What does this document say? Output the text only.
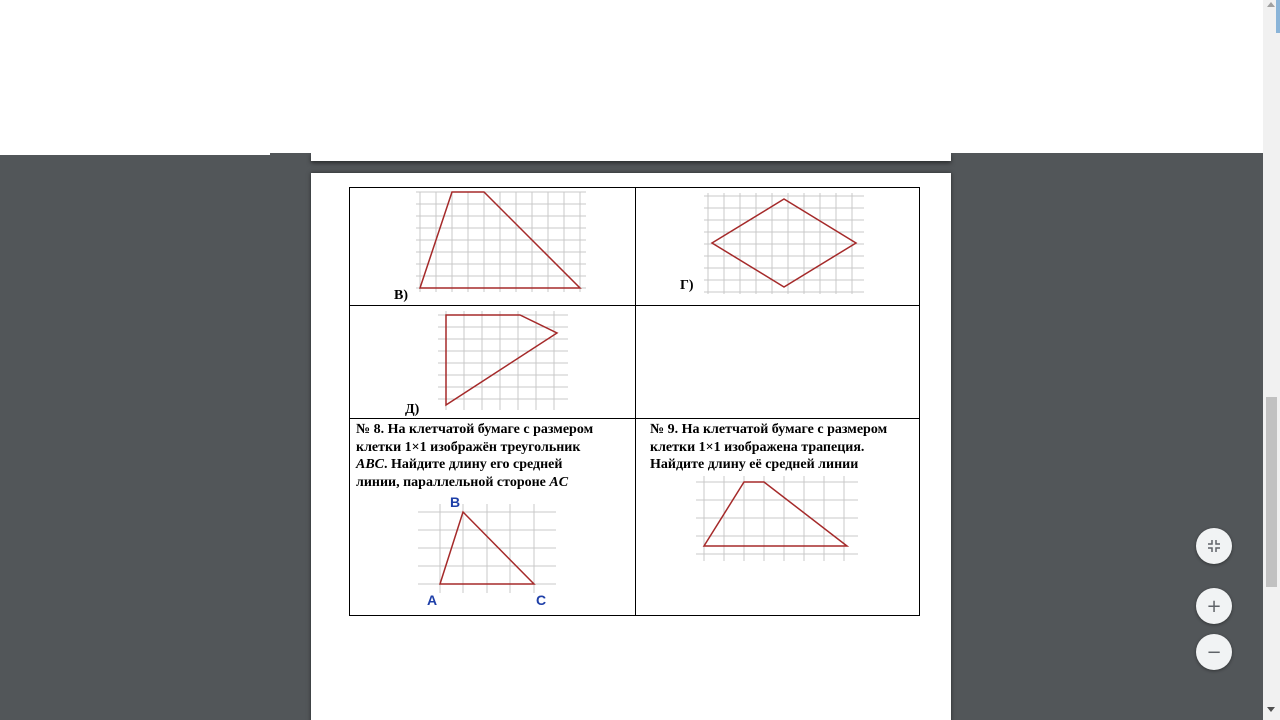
В)
Г)
Д)
№ 8. На клетчатой бумаге с размером
клетки 1×1 изображён треугольник
ABC. Найдите длину его средней
линии, параллельной стороне AC
B
A	C
№ 9. На клетчатой бумаге с размером
клетки 1×1 изображена трапеция.
Найдите длину её средней линии
+
−
